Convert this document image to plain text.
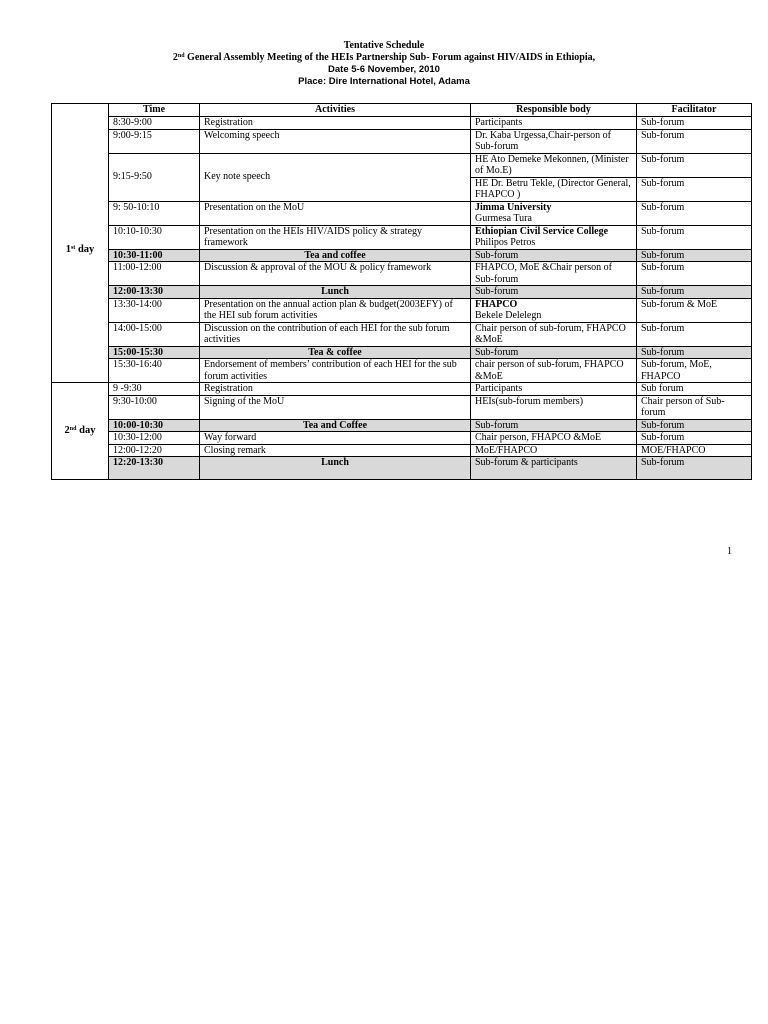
Tentative Schedule
2nd General Assembly Meeting of the HEIs Partnership Sub- Forum against HIV/AIDS in Ethiopia,
Date 5-6 November, 2010
Place: Dire International Hotel, Adama
	Time	Activities	Responsible body	Facilitator
1st day	8:30-9:00	Registration	Participants	Sub-forum
	9:00-9:15	Welcoming speech	Dr. Kaba Urgessa,Chair-person of Sub-forum	Sub-forum
	9:15-9:50	Key note speech	HE Ato Demeke Mekonnen, (Minister of Mo.E)	Sub-forum
			HE Dr. Betru Tekle, (Director General, FHAPCO )	Sub-forum
	9: 50-10:10	Presentation on the MoU	Jimma University
Gurmesa Tura	Sub-forum
	10:10-10:30	Presentation on the HEIs HIV/AIDS policy & strategy framework	Ethiopian Civil Service College
Philipos Petros	Sub-forum
	10:30-11:00	Tea and coffee	Sub-forum	Sub-forum
	11:00-12:00	Discussion & approval of the MOU & policy framework	FHAPCO, MoE &Chair person of Sub-forum	Sub-forum
	12:00-13:30	Lunch	Sub-forum	Sub-forum
	13:30-14:00	Presentation on the annual action plan & budget(2003EFY) of the HEI sub forum activities	FHAPCO
Bekele Delelegn	Sub-forum & MoE
	14:00-15:00	Discussion on the contribution of each HEI for the sub forum activities	Chair person of sub-forum, FHAPCO &MoE	Sub-forum
	15:00-15:30	Tea & coffee	Sub-forum	Sub-forum
	15:30-16:40	Endorsement of members’ contribution of each HEI for the sub forum activities	chair person of sub-forum, FHAPCO &MoE	Sub-forum, MoE, FHAPCO
2nd day	9 -9:30	Registration	Participants	Sub forum
	9:30-10:00	Signing of the MoU	HEIs(sub-forum members)	Chair person of Sub-forum
	10:00-10:30	Tea and Coffee	Sub-forum	Sub-forum
	10:30-12:00	Way forward	Chair person, FHAPCO &MoE	Sub-forum
	12:00-12:20	Closing remark	MoE/FHAPCO	MOE/FHAPCO
	12:20-13:30	Lunch	Sub-forum & participants	Sub-forum
1
